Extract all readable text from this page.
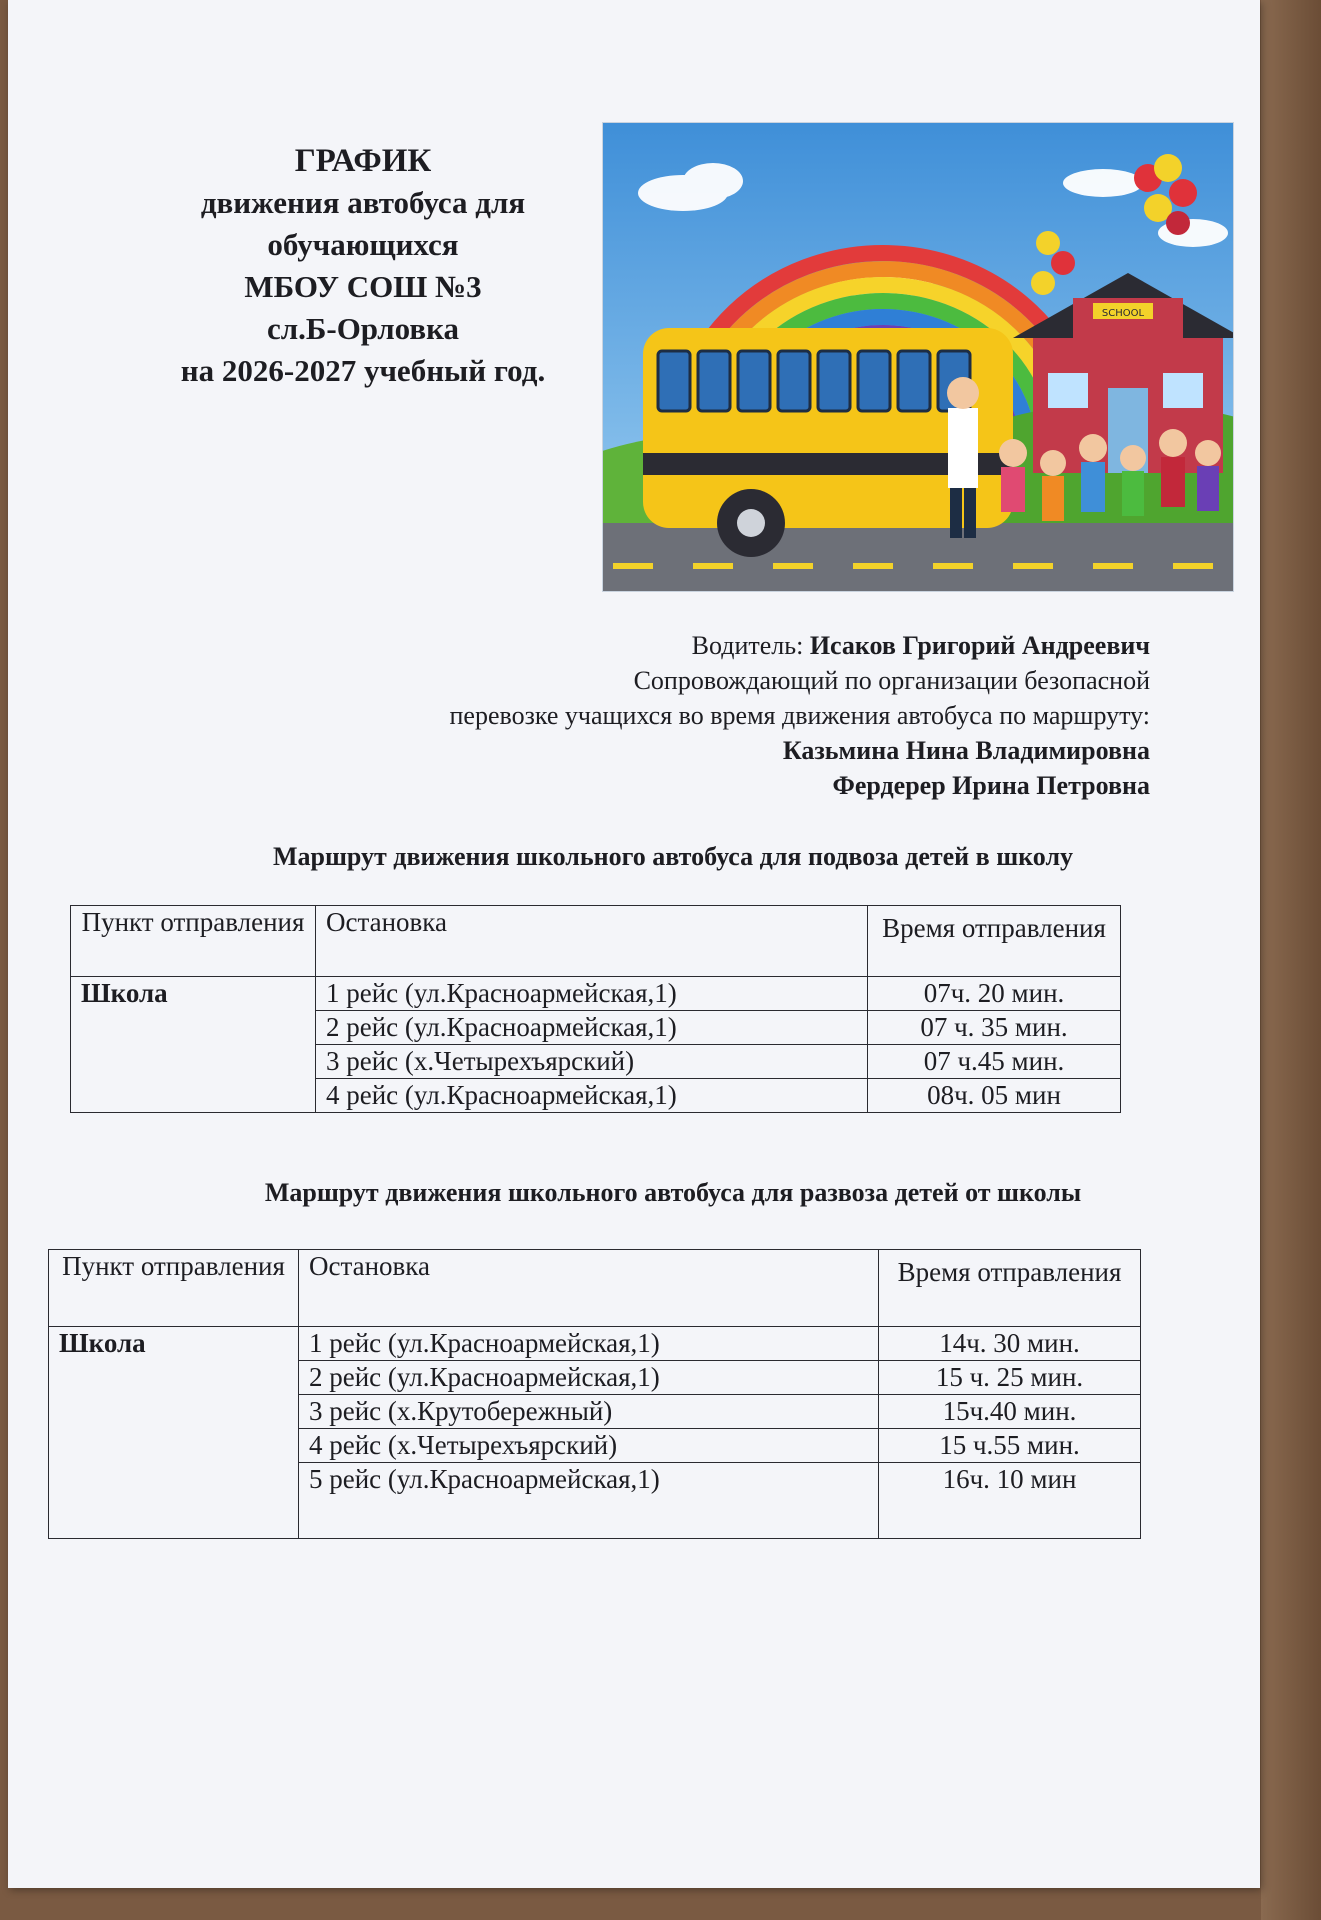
ГРАФИК
движения автобуса для
обучающихся
МБОУ СОШ №3
сл.Б-Орловка
на 2026-2027 учебный год.
SCHOOL
Водитель: Исаков Григорий Андреевич
Сопровождающий по организации безопасной
перевозке учащихся во время движения автобуса по маршруту:
Казьмина Нина Владимировна
Фердерер Ирина Петровна
Маршрут движения школьного автобуса для подвоза детей в школу
Пункт отправления	Остановка	Время отправления
Школа	1 рейс (ул.Красноармейская,1)	07ч. 20 мин.
	2 рейс (ул.Красноармейская,1)	07 ч. 35 мин.
	3 рейс (х.Четырехъярский)	07 ч.45 мин.
	4 рейс (ул.Красноармейская,1)	08ч. 05 мин
Маршрут движения школьного автобуса для развоза детей от школы
Пункт отправления	Остановка	Время отправления
Школа	1 рейс (ул.Красноармейская,1)	14ч. 30 мин.
	2 рейс (ул.Красноармейская,1)	15 ч. 25 мин.
	3 рейс (х.Крутобережный)	15ч.40 мин.
	4 рейс (х.Четырехъярский)	15 ч.55 мин.
	5 рейс (ул.Красноармейская,1)	16ч. 10 мин
